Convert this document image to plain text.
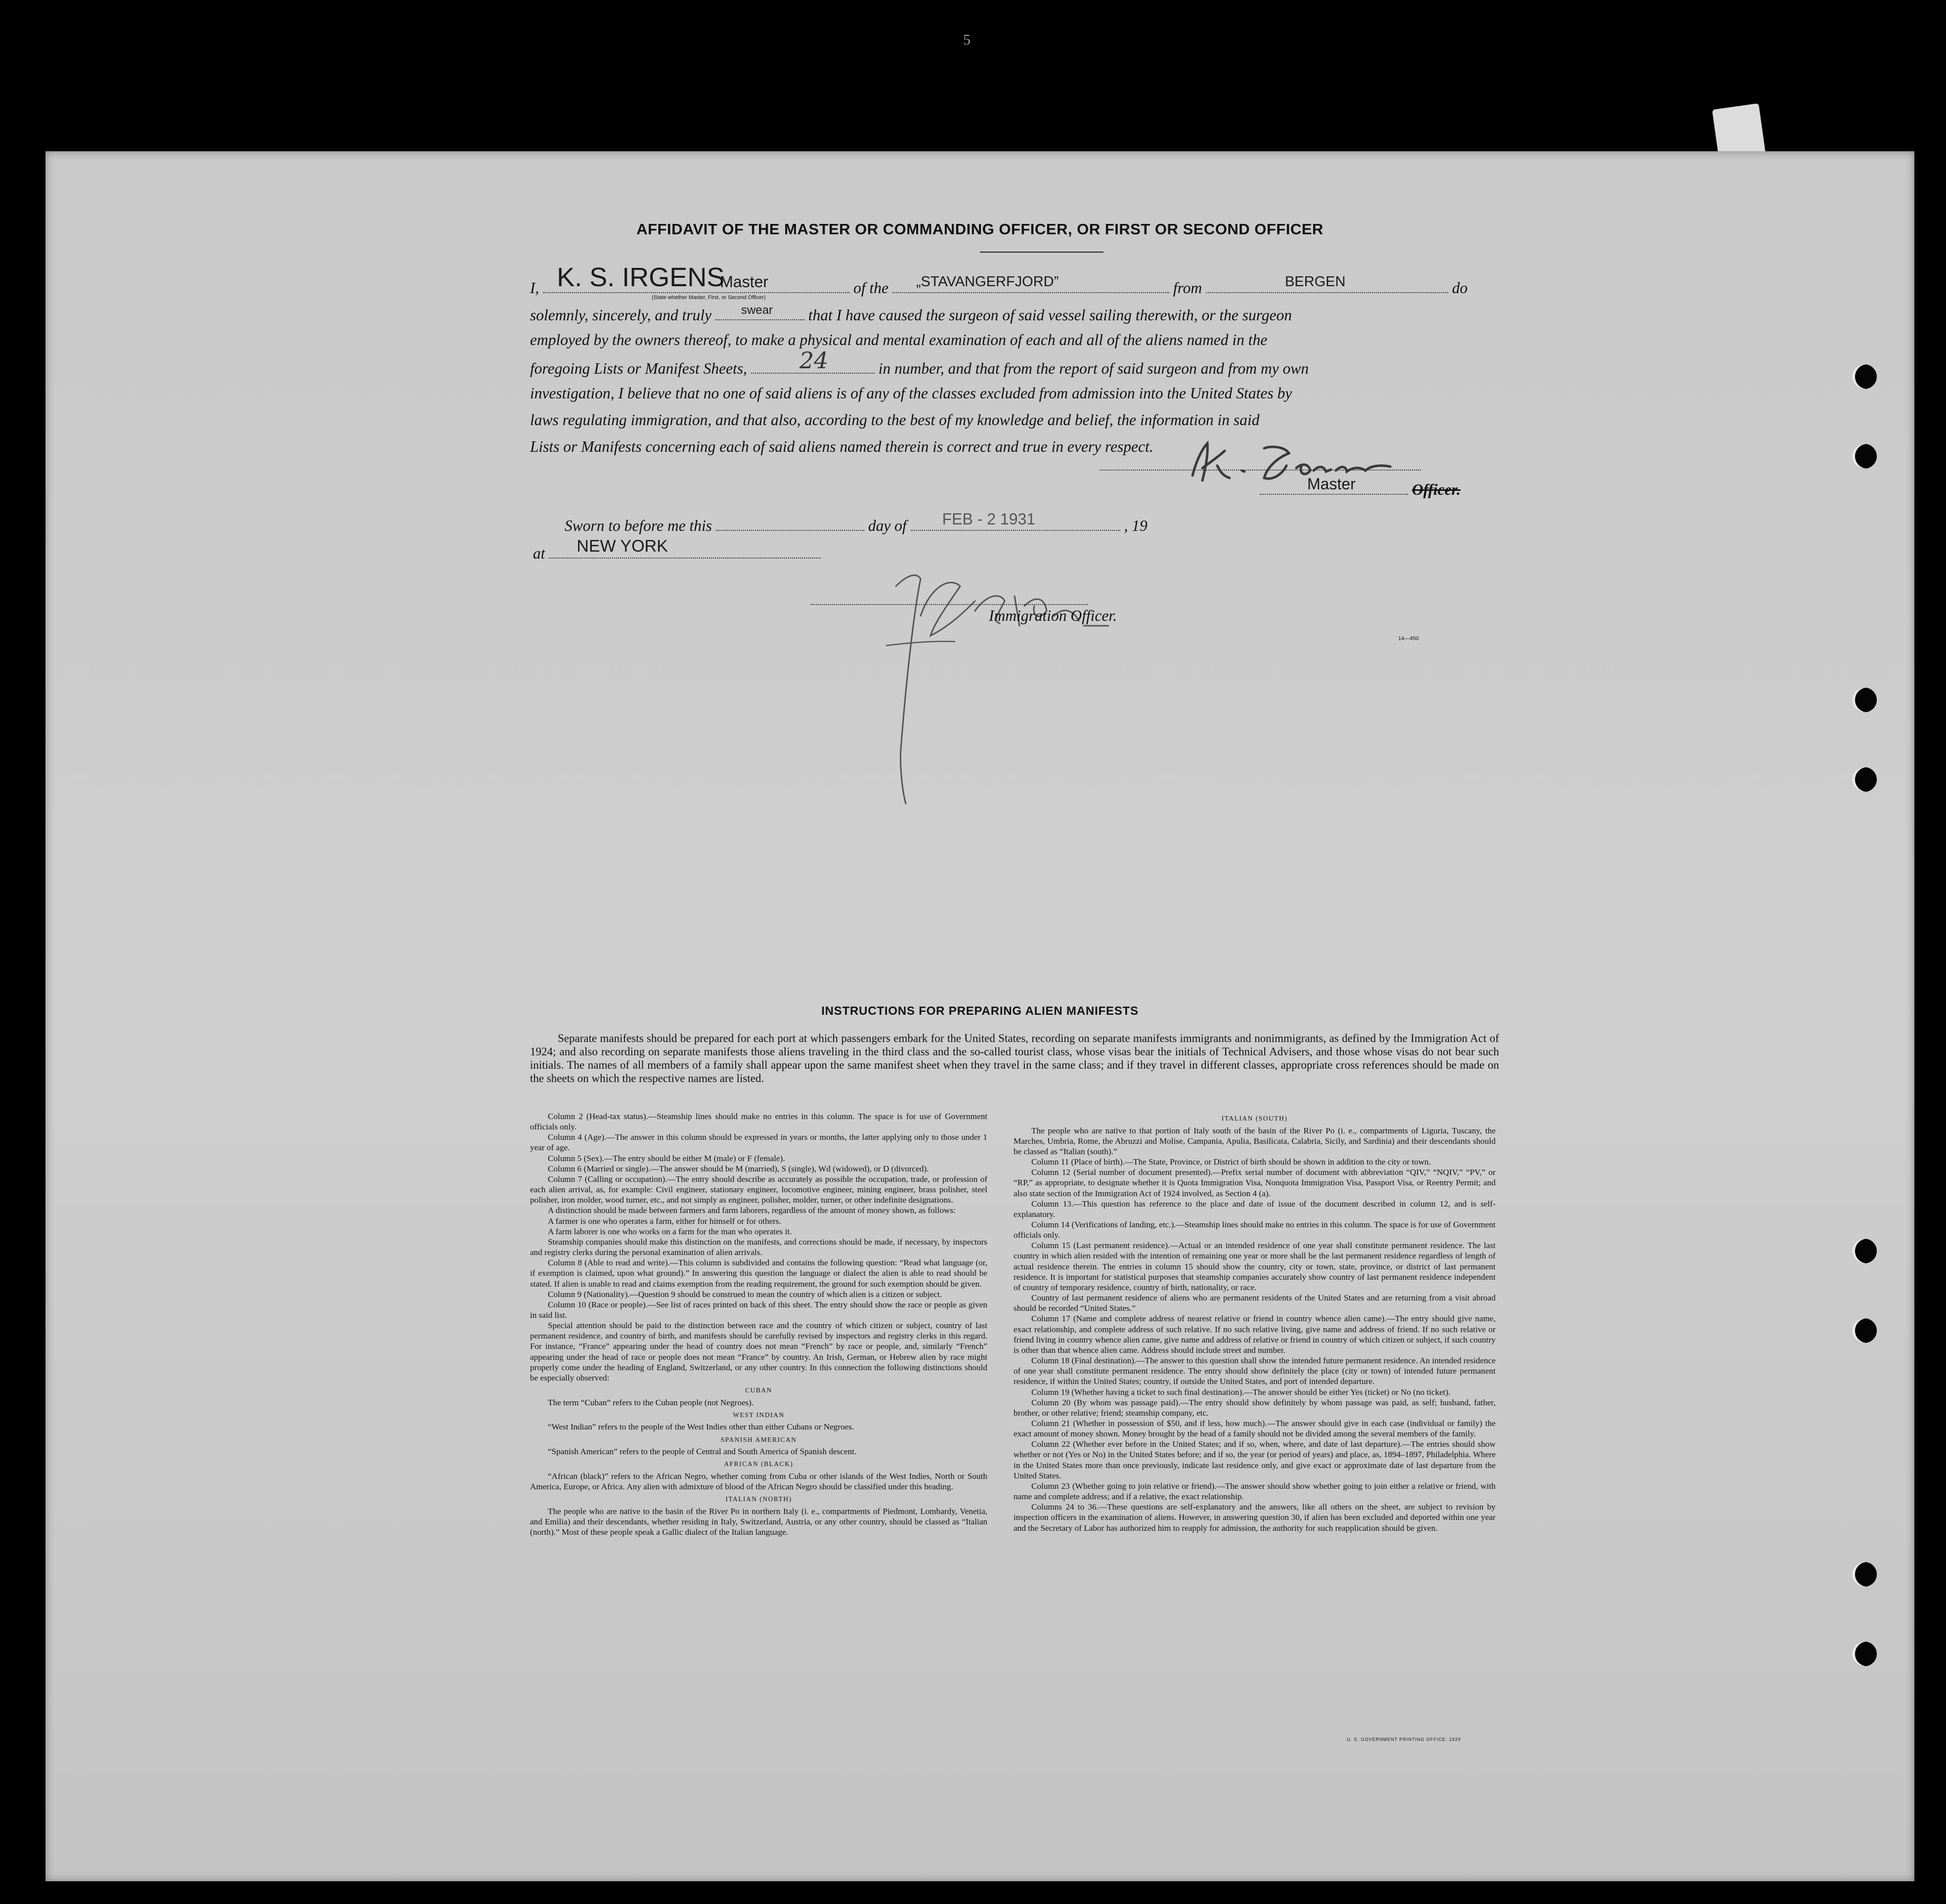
5
AFFIDAVIT OF THE MASTER OR COMMANDING OFFICER, OR FIRST OR SECOND OFFICER
I, K. S. IRGENS
Master
(State whether Master, First, or Second Officer)
of the „STAVANGERFJORD”	from	BERGEN	do
solemnly, sincerely, and truly swear that I have caused the surgeon of said vessel sailing therewith, or the surgeon
employed by the owners thereof, to make a physical and mental examination of each and all of the aliens named in the
foregoing Lists or Manifest Sheets, 24	in number, and that from the report of said surgeon and from my own
investigation, I believe that no one of said aliens is of any of the classes excluded from admission into the United States by
laws regulating immigration, and that also, according to the best of my knowledge and belief, the information in said
Lists or Manifests concerning each of said aliens named therein is correct and true in every respect.
Master	Officer.
Sworn to before me this	day of FEB - 2 1931	, 19
at NEW YORK
Immigration Officer.
14—450
INSTRUCTIONS FOR PREPARING ALIEN MANIFESTS
Separate manifests should be prepared for each port at which passengers embark for the United States, recording on separate manifests immigrants and nonimmigrants, as defined by the Immigration Act of 1924; and also recording on separate manifests those aliens traveling in the third class and the so-called tourist class, whose visas bear the initials of Technical Advisers, and those whose visas do not bear such initials. The names of all members of a family shall appear upon the same manifest sheet when they travel in the same class; and if they travel in different classes, appropriate cross references should be made on the sheets on which the respective names are listed.

Column 2 (Head-tax status).—Steamship lines should make no entries in this column. The space is for use of Government officials only.

Column 4 (Age).—The answer in this column should be expressed in years or months, the latter applying only to those under 1 year of age.

Column 5 (Sex).—The entry should be either M (male) or F (female).

Column 6 (Married or single).—The answer should be M (married), S (single), Wd (widowed), or D (divorced).

Column 7 (Calling or occupation).—The entry should describe as accurately as possible the occupation, trade, or profession of each alien arrival, as, for example: Civil engineer, stationary engineer, locomotive engineer, mining engineer, brass polisher, steel polisher, iron molder, wood turner, etc., and not simply as engineer, polisher, molder, turner, or other indefinite designations.

A distinction should be made between farmers and farm laborers, regardless of the amount of money shown, as follows:

A farmer is one who operates a farm, either for himself or for others.

A farm laborer is one who works on a farm for the man who operates it.

Steamship companies should make this distinction on the manifests, and corrections should be made, if necessary, by inspectors and registry clerks during the personal examination of alien arrivals.

Column 8 (Able to read and write).—This column is subdivided and contains the following question: “Read what language (or, if exemption is claimed, upon what ground).” In answering this question the language or dialect the alien is able to read should be stated. If alien is unable to read and claims exemption from the reading requirement, the ground for such exemption should be given.

Column 9 (Nationality).—Question 9 should be construed to mean the country of which alien is a citizen or subject.

Column 10 (Race or people).—See list of races printed on back of this sheet. The entry should show the race or people as given in said list.

Special attention should be paid to the distinction between race and the country of which citizen or subject, country of last permanent residence, and country of birth, and manifests should be carefully revised by inspectors and registry clerks in this regard. For instance, “France” appearing under the head of country does not mean “French” by race or people, and, similarly “French” appearing under the head of race or people does not mean “France” by country. An Irish, German, or Hebrew alien by race might properly come under the heading of England, Switzerland, or any other country. In this connection the following distinctions should be especially observed:

CUBAN

The term “Cuban” refers to the Cuban people (not Negroes).

WEST INDIAN

“West Indian” refers to the people of the West Indies other than either Cubans or Negroes.

SPANISH AMERICAN

“Spanish American” refers to the people of Central and South America of Spanish descent.

AFRICAN (BLACK)

“African (black)” refers to the African Negro, whether coming from Cuba or other islands of the West Indies, North or South America, Europe, or Africa. Any alien with admixture of blood of the African Negro should be classified under this heading.

ITALIAN (NORTH)

The people who are native to the basin of the River Po in northern Italy (i. e., compartments of Piedmont, Lombardy, Venetia, and Emilia) and their descendants, whether residing in Italy, Switzerland, Austria, or any other country, should be classed as “Italian (north).” Most of these people speak a Gallic dialect of the Italian language.

ITALIAN (SOUTH)

The people who are native to that portion of Italy south of the basin of the River Po (i. e., compartments of Liguria, Tuscany, the Marches, Umbria, Rome, the Abruzzi and Molise, Campania, Apulia, Basilicata, Calabria, Sicily, and Sardinia) and their descendants should be classed as “Italian (south).”

Column 11 (Place of birth).—The State, Province, or District of birth should be shown in addition to the city or town.

Column 12 (Serial number of document presented).—Prefix serial number of document with abbreviation “QIV,” “NQIV,” “PV,” or “RP,” as appropriate, to designate whether it is Quota Immigration Visa, Nonquota Immigration Visa, Passport Visa, or Reentry Permit; and also state section of the Immigration Act of 1924 involved, as Section 4 (a).

Column 13.—This question has reference to the place and date of issue of the document described in column 12, and is self-explanatory.

Column 14 (Verifications of landing, etc.).—Steamship lines should make no entries in this column. The space is for use of Government officials only.

Column 15 (Last permanent residence).—Actual or an intended residence of one year shall constitute permanent residence. The last country in which alien resided with the intention of remaining one year or more shall be the last permanent residence regardless of length of actual residence therein. The entries in column 15 should show the country, city or town, state, province, or district of last permanent residence. It is important for statistical purposes that steamship companies accurately show country of last permanent residence independent of country of temporary residence, country of birth, nationality, or race.

Country of last permanent residence of aliens who are permanent residents of the United States and are returning from a visit abroad should be recorded “United States.”

Column 17 (Name and complete address of nearest relative or friend in country whence alien came).—The entry should give name, exact relationship, and complete address of such relative. If no such relative living, give name and address of friend. If no such relative or friend living in country whence alien came, give name and address of relative or friend in country of which citizen or subject, if such country is other than that whence alien came. Address should include street and number.

Column 18 (Final destination).—The answer to this question shall show the intended future permanent residence. An intended residence of one year shall constitute permanent residence. The entry should show definitely the place (city or town) of intended future permanent residence, if within the United States; country, if outside the United States, and port of intended departure.

Column 19 (Whether having a ticket to such final destination).—The answer should be either Yes (ticket) or No (no ticket).

Column 20 (By whom was passage paid).—The entry should show definitely by whom passage was paid, as self; husband, father, brother, or other relative; friend; steamship company, etc.

Column 21 (Whether in possession of $50, and if less, how much).—The answer should give in each case (individual or family) the exact amount of money shown. Money brought by the head of a family should not be divided among the several members of the family.

Column 22 (Whether ever before in the United States; and if so, when, where, and date of last departure).—The entries should show whether or not (Yes or No) in the United States before; and if so, the year (or period of years) and place, as, 1894–1897, Philadelphia. Where in the United States more than once previously, indicate last residence only, and give exact or approximate date of last departure from the United States.

Column 23 (Whether going to join relative or friend).—The answer should show whether going to join either a relative or friend, with name and complete address; and if a relative, the exact relationship.

Columns 24 to 36.—These questions are self-explanatory and the answers, like all others on the sheet, are subject to revision by inspection officers in the examination of aliens. However, in answering question 30, if alien has been excluded and deported within one year and the Secretary of Labor has authorized him to reapply for admission, the authority for such reapplication should be given.

U. S. GOVERNMENT PRINTING OFFICE: 1929
